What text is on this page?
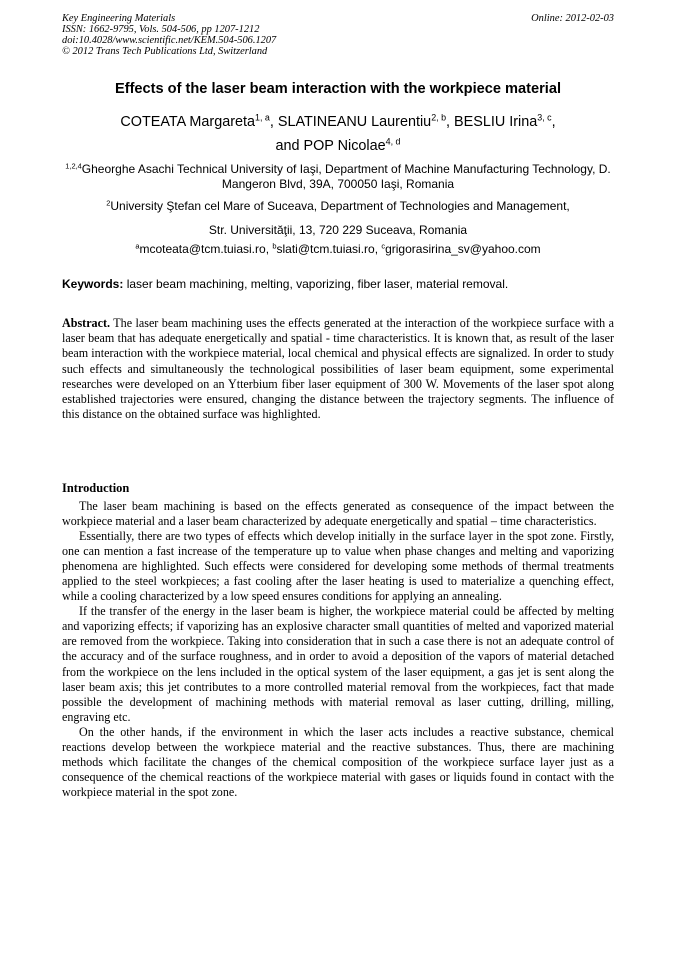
Key Engineering Materials
ISSN: 1662-9795, Vols. 504-506, pp 1207-1212
doi:10.4028/www.scientific.net/KEM.504-506.1207
© 2012 Trans Tech Publications Ltd, Switzerland
Online: 2012-02-03
Effects of the laser beam interaction with the workpiece material
COTEATA Margareta$^{1, a}$, SLATINEANU Laurentiu$^{2, b}$, BESLIU Irina$^{3, c}$,
and POP Nicolae$^{4, d}$
$^{1,2,4}$Gheorghe Asachi Technical University of Iaşi, Department of Machine Manufacturing Technology, D. Mangeron Blvd, 39A, 700050 Iaşi, Romania
$^2$University Ştefan cel Mare of Suceava, Department of Technologies and Management,
Str. Universităţii, 13, 720 229 Suceava, Romania
$^a$mcoteata@tcm.tuiasi.ro, $^b$slati@tcm.tuiasi.ro, $^c$grigorasirina_sv@yahoo.com
Keywords: laser beam machining, melting, vaporizing, fiber laser, material removal.
Abstract. The laser beam machining uses the effects generated at the interaction of the workpiece surface with a laser beam that has adequate energetically and spatial - time characteristics. It is known that, as result of the laser beam interaction with the workpiece material, local chemical and physical effects are signalized. In order to study such effects and simultaneously the technological possibilities of laser beam equipment, some experimental researches were developed on an Ytterbium fiber laser equipment of 300 W. Movements of the laser spot along established trajectories were ensured, changing the distance between the trajectory segments. The influence of this distance on the obtained surface was highlighted.
Introduction

The laser beam machining is based on the effects generated as consequence of the impact between the workpiece material and a laser beam characterized by adequate energetically and spatial – time characteristics.

Essentially, there are two types of effects which develop initially in the surface layer in the spot zone. Firstly, one can mention a fast increase of the temperature up to value when phase changes and melting and vaporizing phenomena are highlighted. Such effects were considered for developing some methods of thermal treatments applied to the steel workpieces; a fast cooling after the laser heating is used to materialize a quenching effect, while a cooling characterized by a low speed ensures conditions for applying an annealing.

If the transfer of the energy in the laser beam is higher, the workpiece material could be affected by melting and vaporizing effects; if vaporizing has an explosive character small quantities of melted and vaporized material are removed from the workpiece. Taking into consideration that in such a case there is not an adequate control of the accuracy and of the surface roughness, and in order to avoid a deposition of the vapors of material detached from the workpiece on the lens included in the optical system of the laser equipment, a gas jet is sent along the laser beam axis; this jet contributes to a more controlled material removal from the workpieces, fact that made possible the development of machining methods with material removal as laser cutting, drilling, milling, engraving etc.

On the other hands, if the environment in which the laser acts includes a reactive substance, chemical reactions develop between the workpiece material and the reactive substances. Thus, there are machining methods which facilitate the changes of the chemical composition of the workpiece surface layer just as a consequence of the chemical reactions of the workpiece material with gases or liquids found in contact with the workpiece material in the spot zone.
